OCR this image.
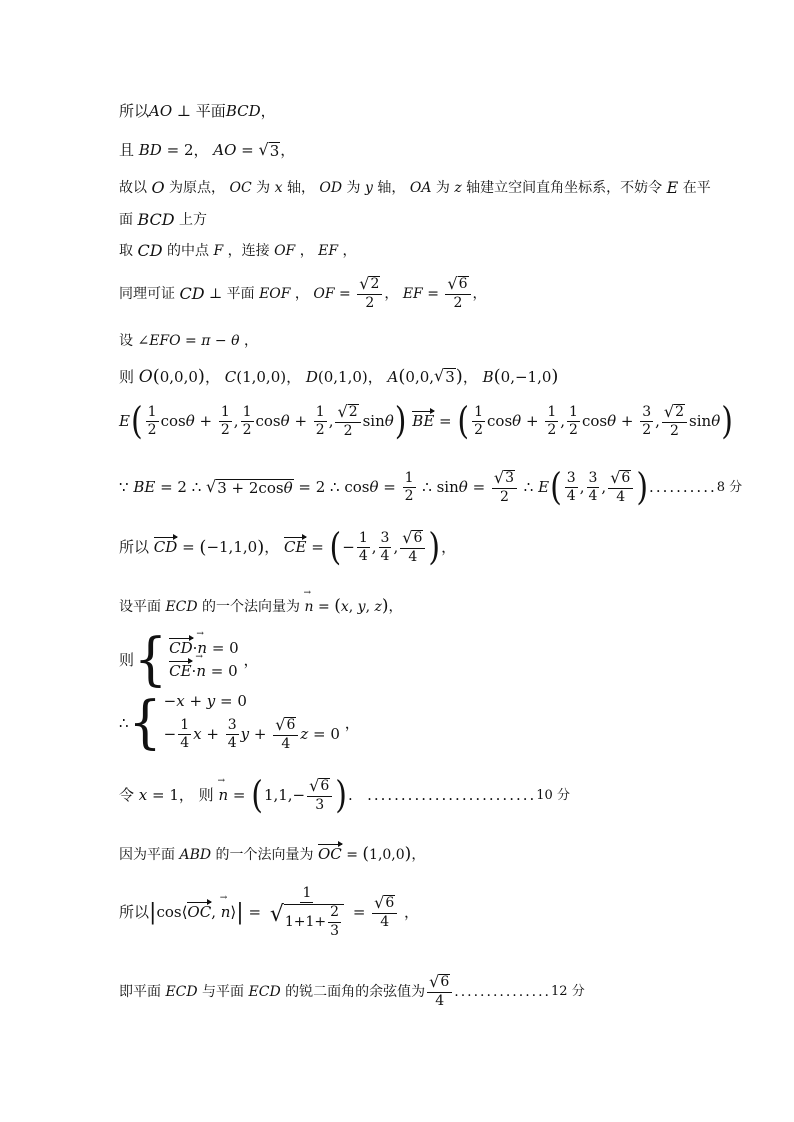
所以 AO ⊥ 平面 BCD ，
且 BD = 2， AO = √ 3 ，
故以 O 为原点， OC 为 x 轴， OD 为 y 轴， OA 为 z 轴建立空间直角坐标系，不妨令 E 在平
面 BCD 上方
取 CD 的中点 F ，连接 OF ， EF ，
同理可证 CD ⊥ 平面 EOF ， OF = $\frac{√ 2}{2}$ ， EF = $\frac{√ 6}{2}$ ，
设 ∠ EFO = π − θ ，
则 O ( 0,0,0 ) ， C (1,0,0)， D (0,1,0)， A ( 0,0, √ 3 ) ， B ( 0,−1,0 )
E ( $\frac{1}{2}$ $\cos \theta + \frac{1}{2}$ , $\frac{1}{2}$ $\cos \theta + \frac{1}{2}$ , $\frac{√ 2}{2}$ sin θ )
BE = ( $\frac{1}{2}$ $\cos \theta + \frac{1}{2}$ , $\frac{1}{2}$ $\cos \theta + \frac{3}{2}$ , $\frac{√ 2}{2}$ sin θ )
∵ BE = 2 ∴ √ 3 + 2cosθ = 2 ∴ $\cos \theta = \frac{1}{2}$ ∴ $\sin \theta = \frac{√ 3}{2}$ ∴ E ( $\frac{3}{4}$ , $\frac{3}{4}$ , $\frac{√ 6}{4}$ ) .......... 8 分
所以 CD = ( −1,1,0 ) ， CE = ( − $\frac{1}{4}$ , $\frac{3}{4}$ , $\frac{√ 6}{4}$ ) ，
设平面 ECD 的一个法向量为 → n = ( x , y , z ) ，
则 { CD·→ n = 0
CE·→ n = 0
，
∴ { −x + y = 0
− $\frac{1}{4}$ $x + \frac{3}{4}$ $y + \frac{√ 6}{4}$ z = 0
，
令 x = 1， 则 → n = ( $1,1,- \frac{√ 6}{3}$ ) . ......................... 10 分
因为平面 ABD 的一个法向量为 OC = ( 1,0,0 ) ，
所以 | cos⟨ OC , → n ⟩ | = $\frac{1}{√ 1+1+ \frac{2}{3}} = \frac{√ 6}{4}$ ，
即平面 ECD 与平面 ECD 的锐二面角的余弦值为 $\frac{√ 6}{4}$ ............... 12 分
